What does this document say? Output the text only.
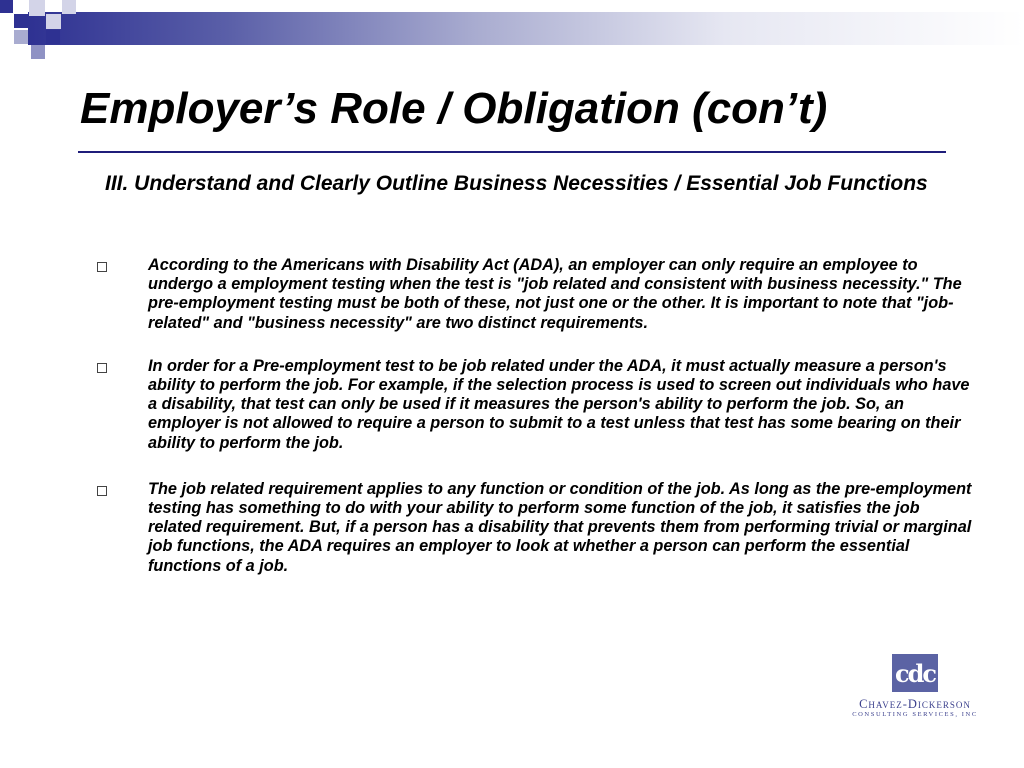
Employer’s Role / Obligation (con’t)

III. Understand and Clearly Outline Business Necessities / Essential Job Functions

According to the Americans with Disability Act (ADA), an employer can only require an employee to undergo a employment testing when the test is "job related and consistent with business necessity." The pre-employment testing must be both of these, not just one or the other. It is important to note that "job-related" and "business necessity" are two distinct requirements.
In order for a Pre-employment test to be job related under the ADA, it must actually measure a person's ability to perform the job. For example, if the selection process is used to screen out individuals who have a disability, that test can only be used if it measures the person's ability to perform the job. So, an employer is not allowed to require a person to submit to a test unless that test has some bearing on their ability to perform the job.
The job related requirement applies to any function or condition of the job. As long as the pre-employment testing has something to do with your ability to perform some function of the job, it satisfies the job related requirement. But, if a person has a disability that prevents them from performing trivial or marginal job functions, the ADA requires an employer to look at whether a person can perform the essential functions of a job.
cdc
Chavez-Dickerson
CONSULTING SERVICES, INC
